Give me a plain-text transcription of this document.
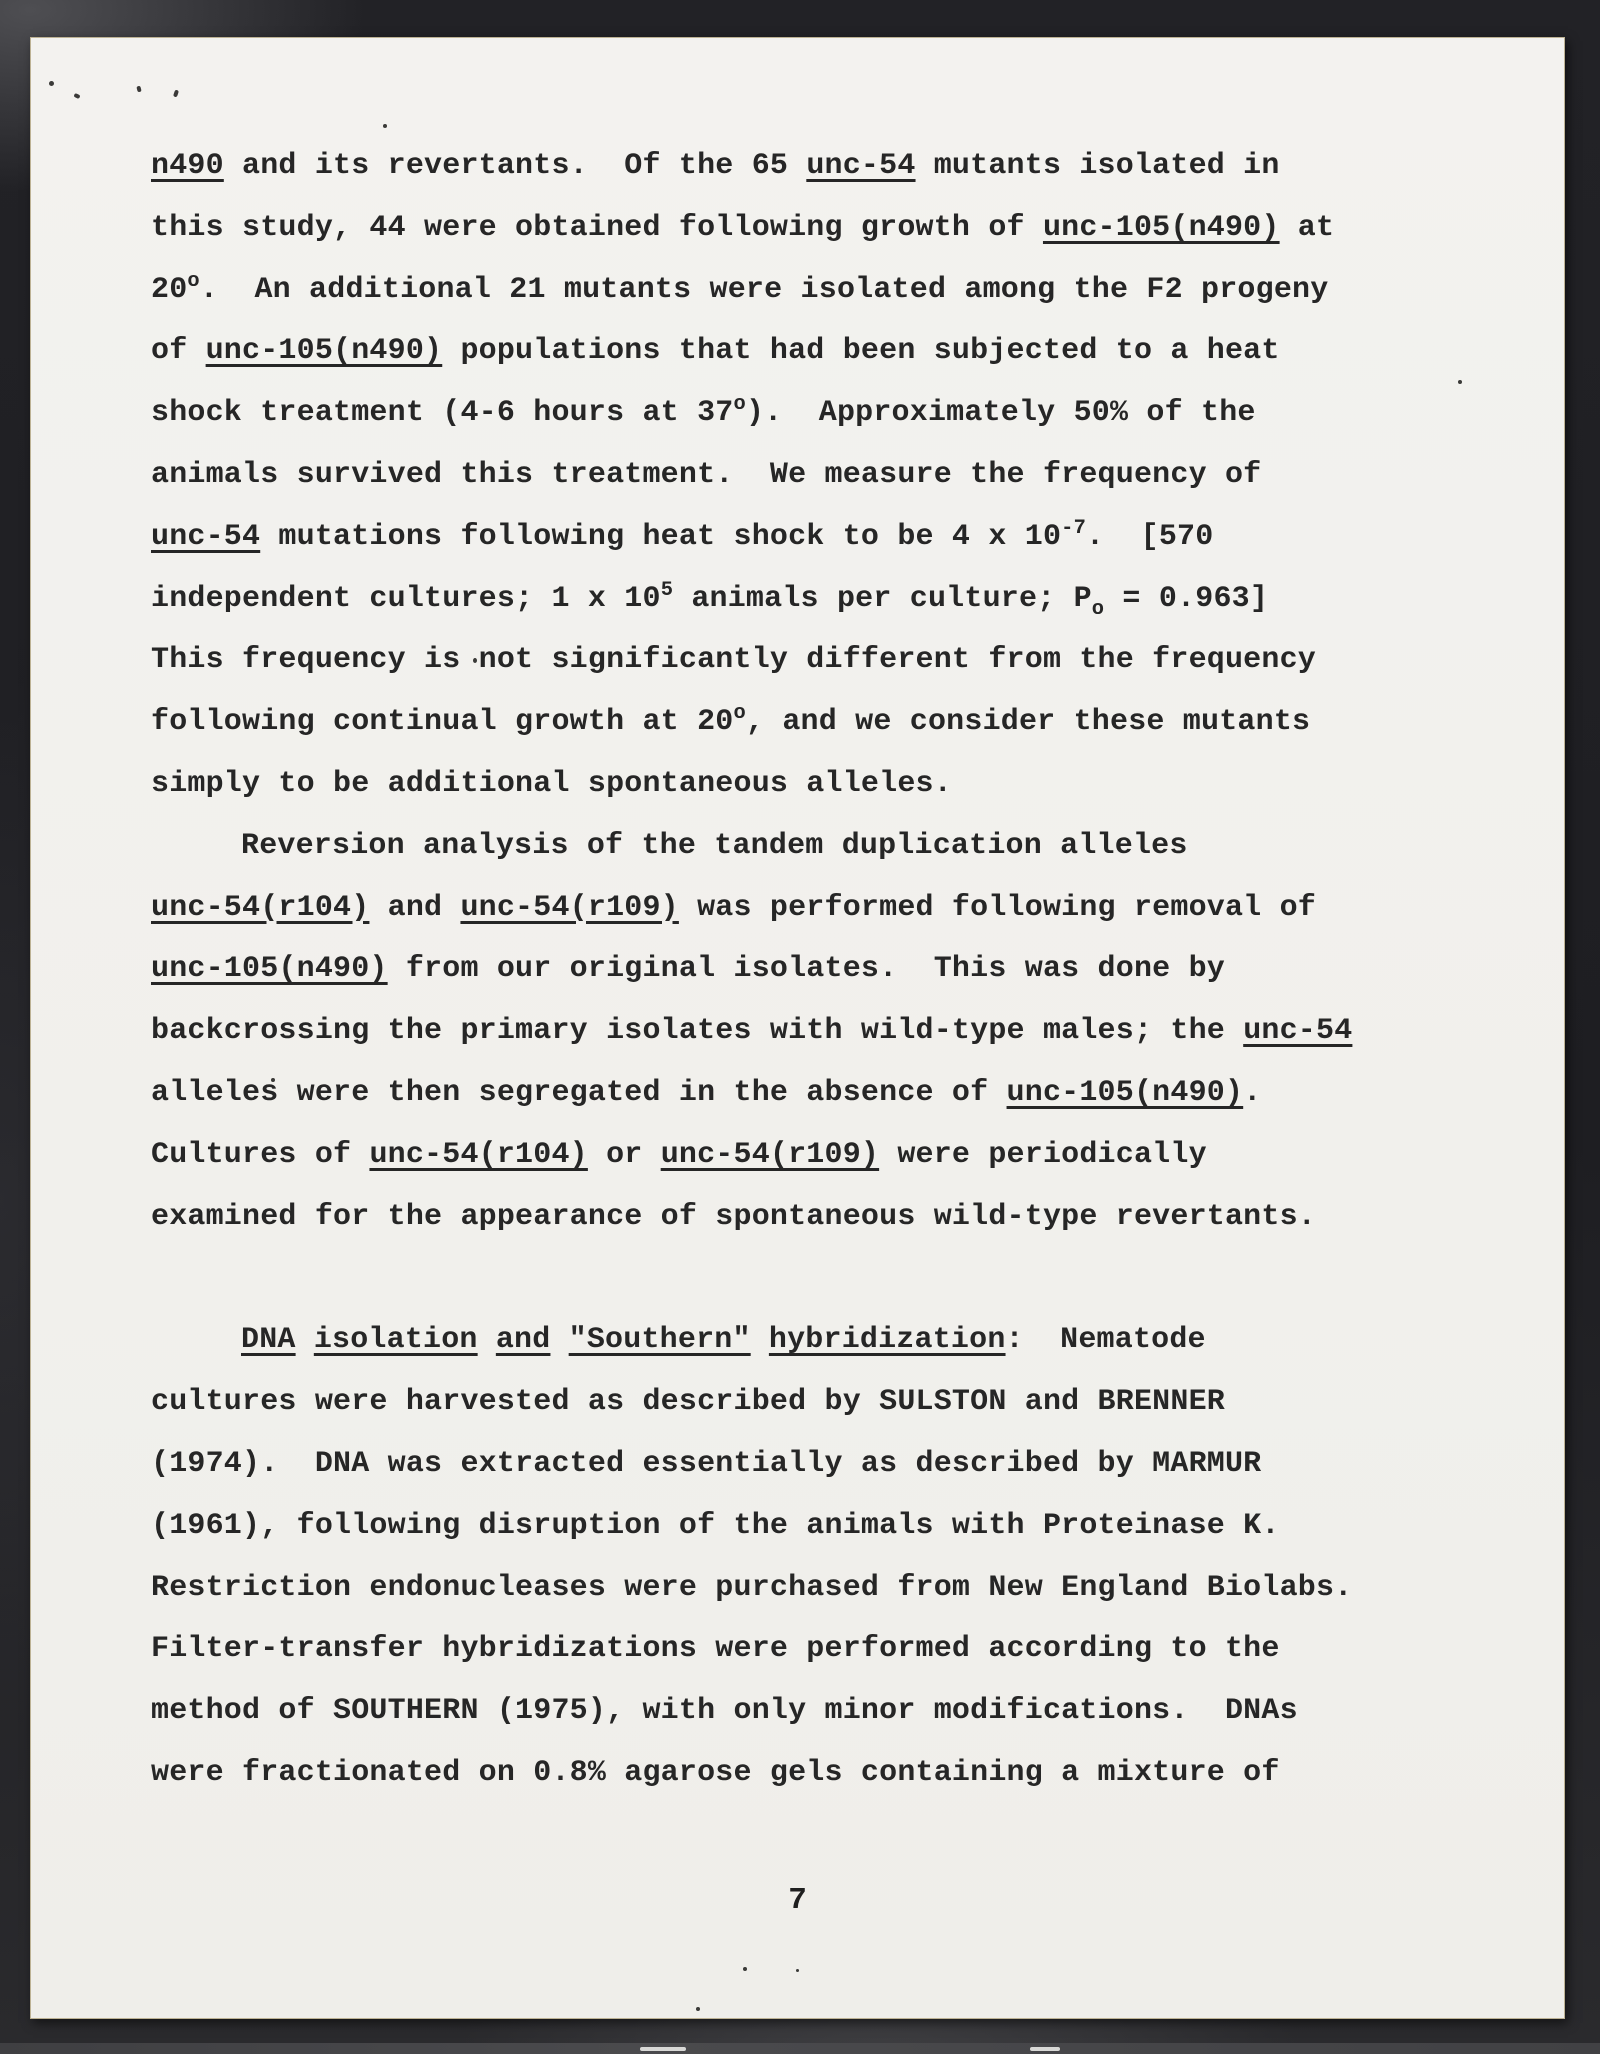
n490 and its revertants.  Of the 65 unc-54 mutants isolated in
this study, 44 were obtained following growth of unc-105(n490) at
20$^o$.  An additional 21 mutants were isolated among the F2 progeny
of unc-105(n490) populations that had been subjected to a heat
shock treatment (4-6 hours at 37$^o$).  Approximately 50% of the
animals survived this treatment.  We measure the frequency of
unc-54 mutations following heat shock to be 4 x $10^{-7}$.  [570
independent cultures; 1 x $10^5$ animals per culture; $P_o = 0.963$]
This frequency is not significantly different from the frequency
following continual growth at 20$^o$, and we consider these mutants
simply to be additional spontaneous alleles.
Reversion analysis of the tandem duplication alleles
unc-54(r104) and unc-54(r109) was performed following removal of
unc-105(n490) from our original isolates.  This was done by
backcrossing the primary isolates with wild-type males; the unc-54
alleles were then segregated in the absence of unc-105(n490).
Cultures of unc-54(r104) or unc-54(r109) were periodically
examined for the appearance of spontaneous wild-type revertants.
DNA isolation and "Southern" hybridization:  Nematode
cultures were harvested as described by SULSTON and BRENNER
(1974).  DNA was extracted essentially as described by MARMUR
(1961), following disruption of the animals with Proteinase K.
Restriction endonucleases were purchased from New England Biolabs.
Filter-transfer hybridizations were performed according to the
method of SOUTHERN (1975), with only minor modifications.  DNAs
were fractionated on 0.8% agarose gels containing a mixture of
7
